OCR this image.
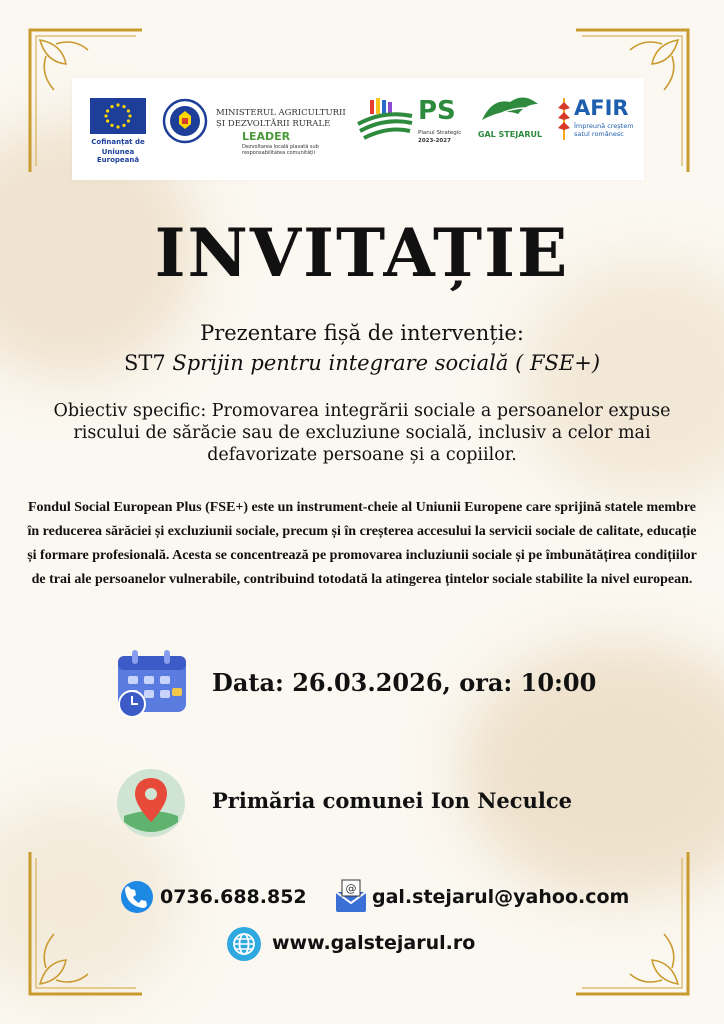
Cofinanțat de
Uniunea Europeană
MINISTERUL AGRICULTURII
ȘI DEZVOLTĂRII RURALE
LEADER
Dezvoltarea locală plasată sub responsabilitatea comunității
PS
Planul Strategic
2023-2027
GAL STEJARUL
AFIR
Împreună creștem
satul românesc
INVITAȚIE
Prezentare fișă de intervenție:
ST7 Sprijin pentru integrare socială ( FSE+)
Obiectiv specific: Promovarea integrării sociale a persoanelor expuse riscului de sărăcie sau de excluziune socială, inclusiv a celor mai defavorizate persoane și a copiilor.
Fondul Social European Plus (FSE+) este un instrument-cheie al Uniunii Europene care sprijină statele membre în reducerea sărăciei și excluziunii sociale, precum și în creșterea accesului la servicii sociale de calitate, educație și formare profesională. Acesta se concentrează pe promovarea incluziunii sociale și pe îmbunătățirea condițiilor de trai ale persoanelor vulnerabile, contribuind totodată la atingerea țintelor sociale stabilite la nivel european.
Data: 26.03.2026, ora: 10:00
Primăria comunei Ion Neculce
0736.688.852	@ gal.stejarul@yahoo.com
www.galstejarul.ro
